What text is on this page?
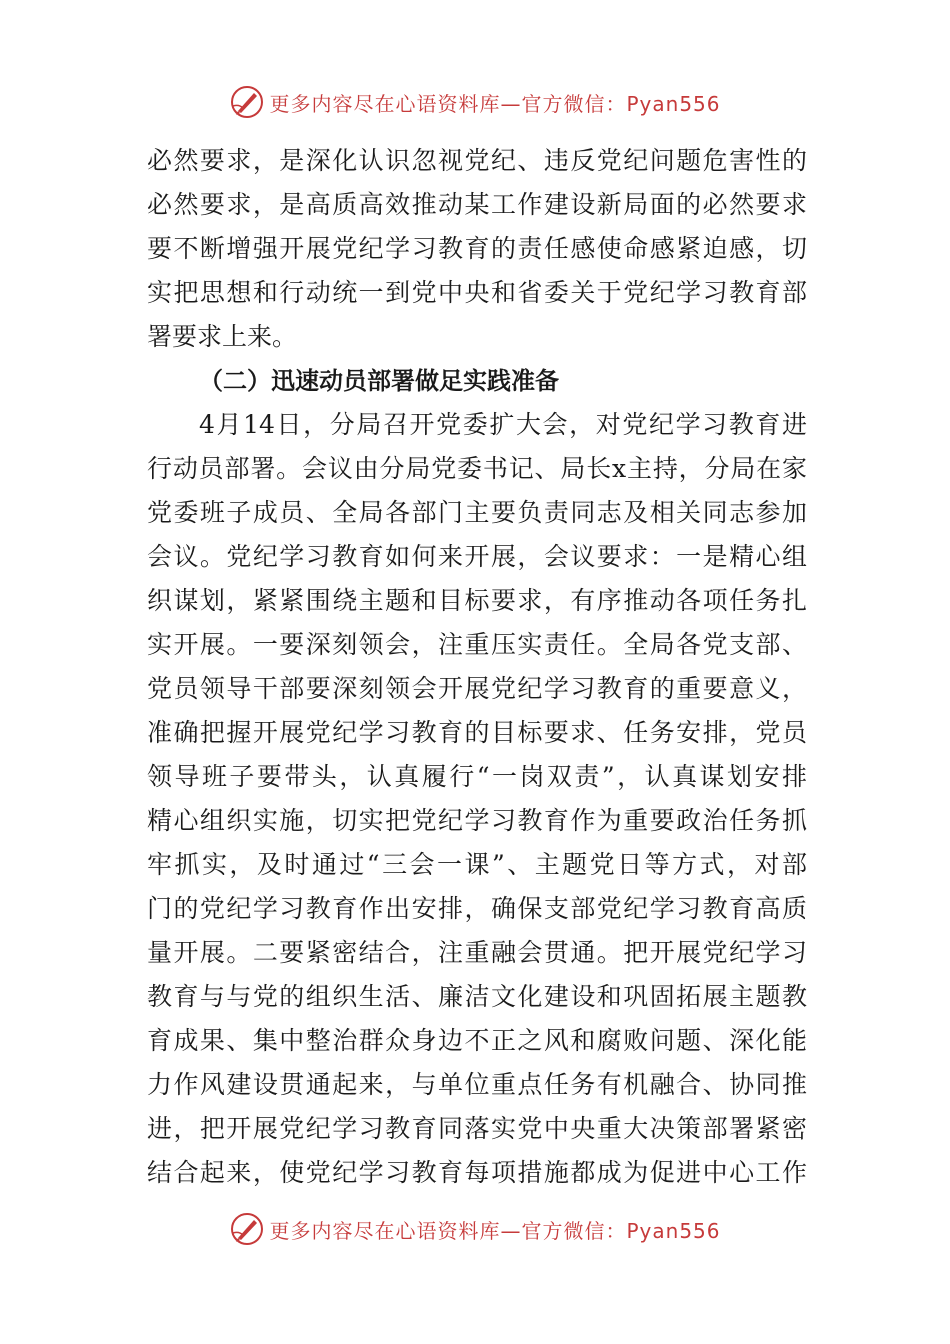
更多内容尽在心语资料库—官方微信：Pyan556
必然要求，是深化认识忽视党纪、违反党纪问题危害性的
必然要求，是高质高效推动某工作建设新局面的必然要求
要不断增强开展党纪学习教育的责任感使命感紧迫感，切
实把思想和行动统一到党中央和省委关于党纪学习教育部
署要求上来。
（二）迅速动员部署做足实践准备
4月14日，分局召开党委扩大会，对党纪学习教育进
行动员部署。会议由分局党委书记、局长x主持，分局在家
党委班子成员、全局各部门主要负责同志及相关同志参加
会议。党纪学习教育如何来开展，会议要求：一是精心组
织谋划，紧紧围绕主题和目标要求，有序推动各项任务扎
实开展。一要深刻领会，注重压实责任。全局各党支部、
党员领导干部要深刻领会开展党纪学习教育的重要意义，
准确把握开展党纪学习教育的目标要求、任务安排，党员
领导班子要带头，认真履行“一岗双责”，认真谋划安排
精心组织实施，切实把党纪学习教育作为重要政治任务抓
牢抓实，及时通过“三会一课”、主题党日等方式，对部
门的党纪学习教育作出安排，确保支部党纪学习教育高质
量开展。二要紧密结合，注重融会贯通。把开展党纪学习
教育与与党的组织生活、廉洁文化建设和巩固拓展主题教
育成果、集中整治群众身边不正之风和腐败问题、深化能
力作风建设贯通起来，与单位重点任务有机融合、协同推
进，把开展党纪学习教育同落实党中央重大决策部署紧密
结合起来，使党纪学习教育每项措施都成为促进中心工作
更多内容尽在心语资料库—官方微信：Pyan556
